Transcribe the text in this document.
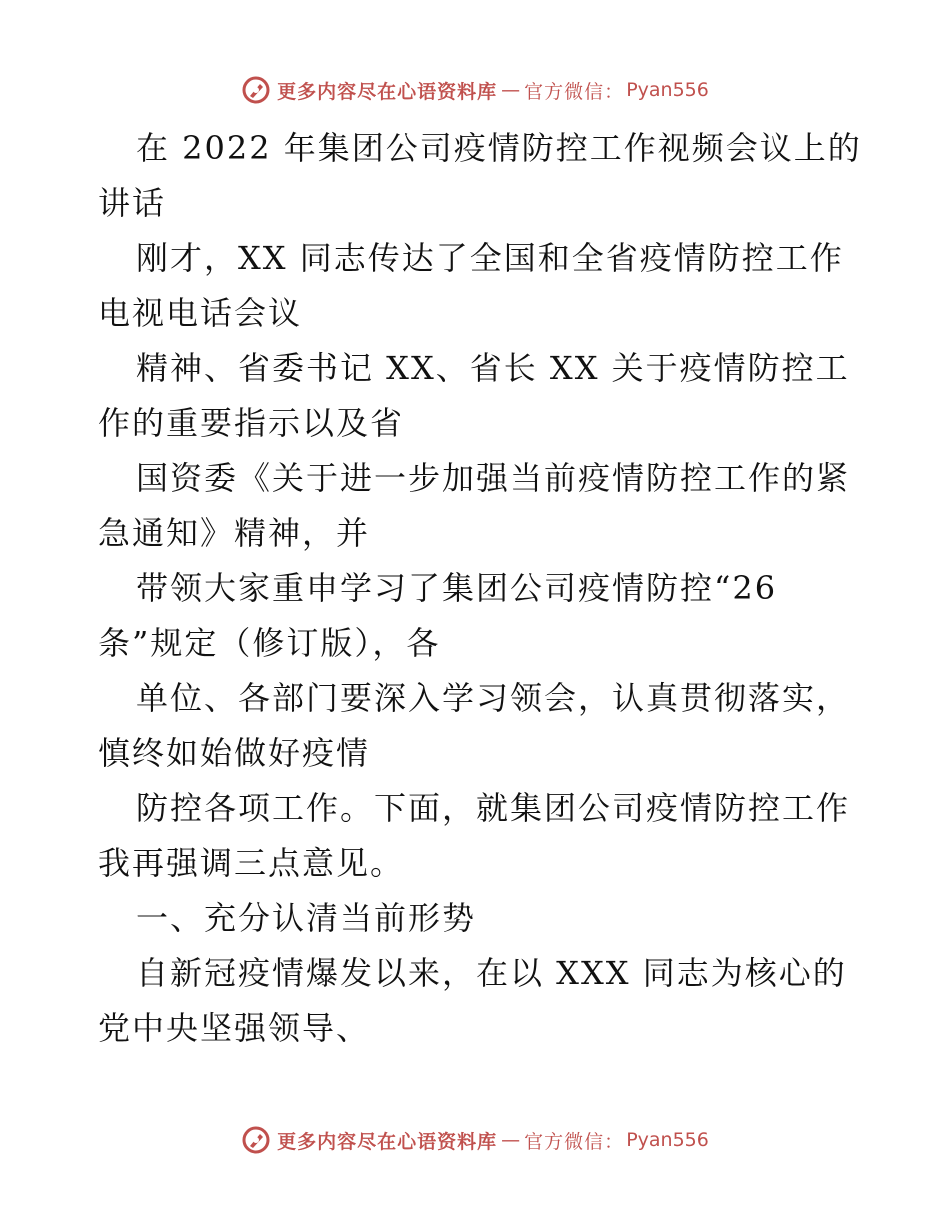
更多内容尽在心语资料库 — 官方微信： Pyan556

在 2022 年集团公司疫情防控工作视频会议上的

讲话

刚才，XX 同志传达了全国和全省疫情防控工作

电视电话会议

精神、省委书记 XX、省长 XX 关于疫情防控工

作的重要指示以及省

国资委《关于进一步加强当前疫情防控工作的紧

急通知》精神，并

带领大家重申学习了集团公司疫情防控“26

条”规定（修订版），各

单位、各部门要深入学习领会，认真贯彻落实，

慎终如始做好疫情

防控各项工作。下面，就集团公司疫情防控工作

我再强调三点意见。

一、充分认清当前形势

自新冠疫情爆发以来，在以 XXX 同志为核心的

党中央坚强领导、

更多内容尽在心语资料库 — 官方微信： Pyan556
